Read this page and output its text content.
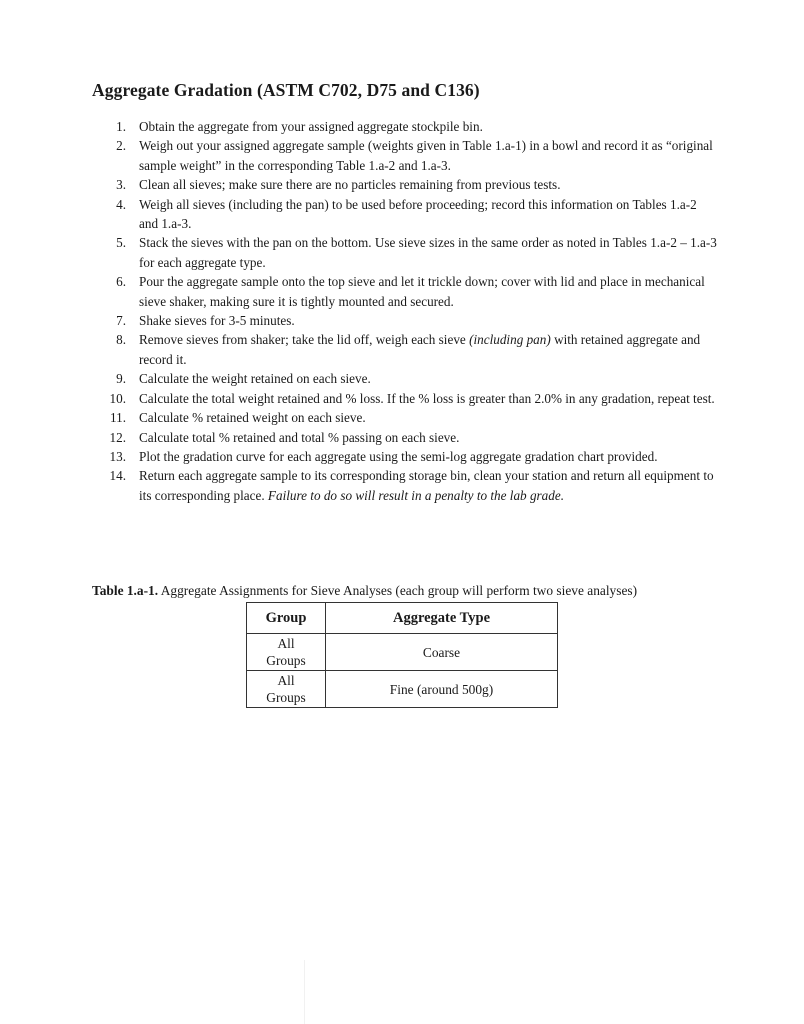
Aggregate Gradation (ASTM C702, D75 and C136)
1. Obtain the aggregate from your assigned aggregate stockpile bin.
2. Weigh out your assigned aggregate sample (weights given in Table 1.a-1) in a bowl and record it as “original sample weight” in the corresponding Table 1.a-2 and 1.a-3.
3. Clean all sieves; make sure there are no particles remaining from previous tests.
4. Weigh all sieves (including the pan) to be used before proceeding; record this information on Tables 1.a-2 and 1.a-3.
5. Stack the sieves with the pan on the bottom. Use sieve sizes in the same order as noted in Tables 1.a-2 – 1.a-3 for each aggregate type.
6. Pour the aggregate sample onto the top sieve and let it trickle down; cover with lid and place in mechanical sieve shaker, making sure it is tightly mounted and secured.
7. Shake sieves for 3-5 minutes.
8. Remove sieves from shaker; take the lid off, weigh each sieve (including pan) with retained aggregate and record it.
9. Calculate the weight retained on each sieve.
10. Calculate the total weight retained and % loss. If the % loss is greater than 2.0% in any gradation, repeat test.
11. Calculate % retained weight on each sieve.
12. Calculate total % retained and total % passing on each sieve.
13. Plot the gradation curve for each aggregate using the semi-log aggregate gradation chart provided.
14. Return each aggregate sample to its corresponding storage bin, clean your station and return all equipment to its corresponding place. Failure to do so will result in a penalty to the lab grade.
Table 1.a-1. Aggregate Assignments for Sieve Analyses (each group will perform two sieve analyses)
Group	Aggregate Type
All
Groups	Coarse
All
Groups	Fine (around 500g)
